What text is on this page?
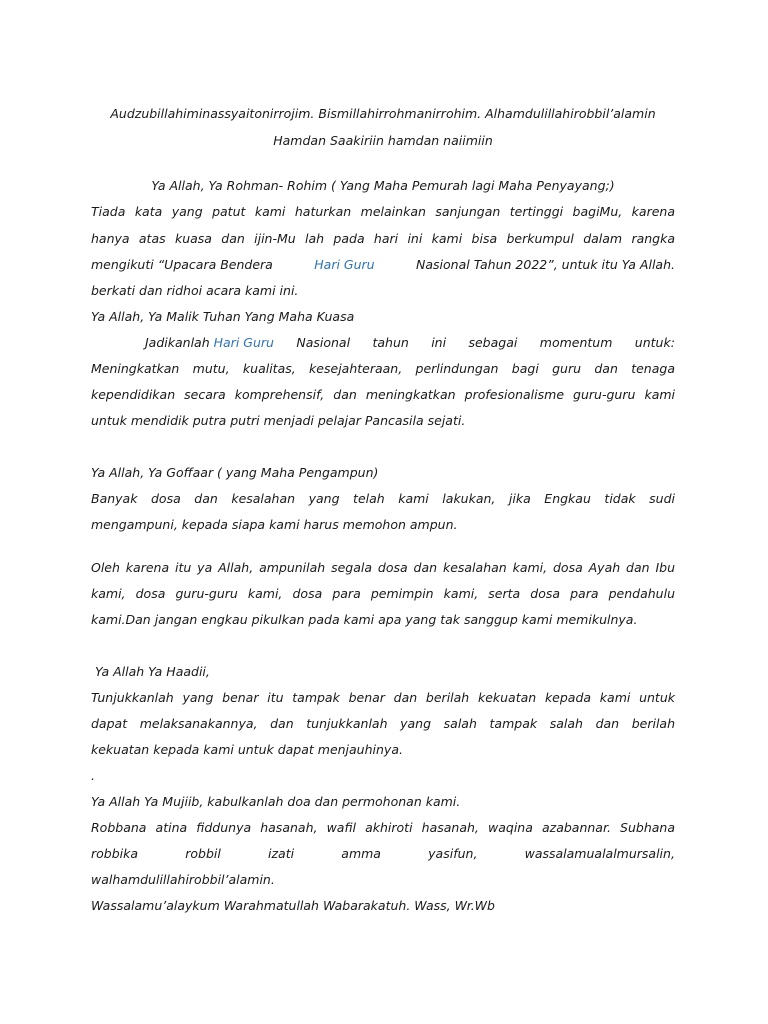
Audzubillahiminassyaitonirrojim. Bismillahirrohmanirrohim. Alhamdulillahirobbil’alamin
Hamdan Saakiriin hamdan naiimiin
Ya Allah, Ya Rohman- Rohim ( Yang Maha Pemurah lagi Maha Penyayang;)
Tiada kata yang patut kami haturkan melainkan sanjungan tertinggi bagiMu, karena
hanya atas kuasa dan ijin-Mu lah pada hari ini kami bisa berkumpul dalam rangka
mengikuti “Upacara Bendera	Hari Guru	Nasional Tahun 2022”, untuk itu Ya Allah.
berkati dan ridhoi acara kami ini.
Ya Allah, Ya Malik Tuhan Yang Maha Kuasa
Jadikanlah Hari Guru Nasional tahun ini sebagai momentum untuk:
Meningkatkan mutu, kualitas, kesejahteraan, perlindungan bagi guru dan tenaga
kependidikan secara komprehensif, dan meningkatkan profesionalisme guru-guru kami
untuk mendidik putra putri menjadi pelajar Pancasila sejati.
Ya Allah, Ya Goffaar ( yang Maha Pengampun)
Banyak dosa dan kesalahan yang telah kami lakukan, jika Engkau tidak sudi
mengampuni, kepada siapa kami harus memohon ampun.
Oleh karena itu ya Allah, ampunilah segala dosa dan kesalahan kami, dosa Ayah dan Ibu
kami, dosa guru-guru kami, dosa para pemimpin kami, serta dosa para pendahulu
kami.Dan jangan engkau pikulkan pada kami apa yang tak sanggup kami memikulnya.
Ya Allah Ya Haadii,
Tunjukkanlah yang benar itu tampak benar dan berilah kekuatan kepada kami untuk
dapat melaksanakannya, dan tunjukkanlah yang salah tampak salah dan berilah
kekuatan kepada kami untuk dapat menjauhinya.
.
Ya Allah Ya Mujiib, kabulkanlah doa dan permohonan kami.
Robbana atina fiddunya hasanah, wafil akhiroti hasanah, waqina azabannar. Subhana
robbika	robbil	izati	amma	yasifun,	wassalamualalmursalin,
walhamdulillahirobbil’alamin.
Wassalamu’alaykum Warahmatullah Wabarakatuh. Wass, Wr.Wb
